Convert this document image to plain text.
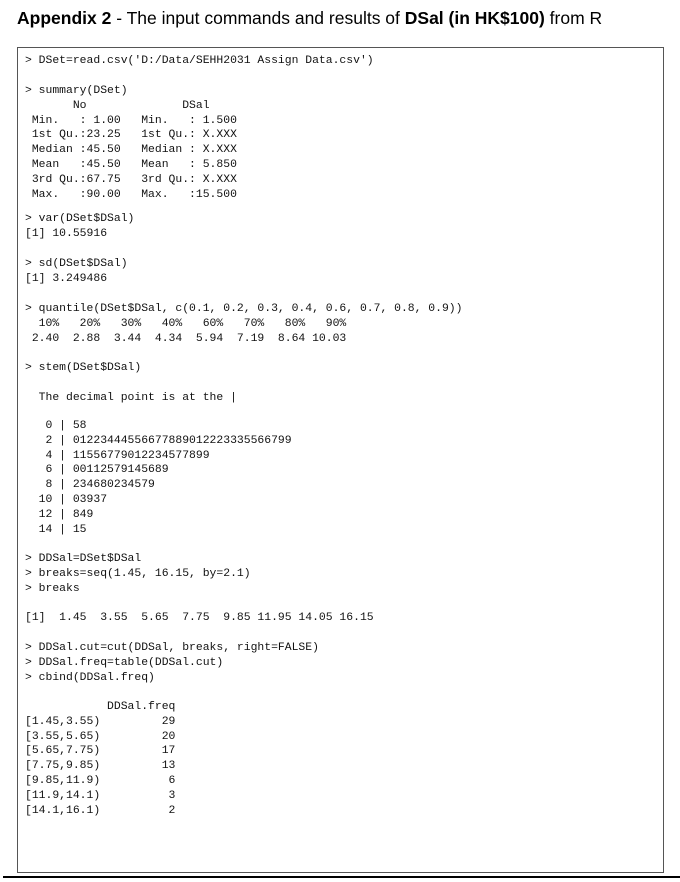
Appendix 2 - The input commands and results of DSal (in HK$100) from R
> DSet=read.csv('D:/Data/SEHH2031 Assign Data.csv')
> summary(DSet)
No              DSal
Min.   : 1.00   Min.   : 1.500
1st Qu.:23.25   1st Qu.: X.XXX
Median :45.50   Median : X.XXX
Mean   :45.50   Mean   : 5.850
3rd Qu.:67.75   3rd Qu.: X.XXX
Max.   :90.00   Max.   :15.500
> var(DSet$DSal)
[1] 10.55916
> sd(DSet$DSal)
[1] 3.249486
> quantile(DSet$DSal, c(0.1, 0.2, 0.3, 0.4, 0.6, 0.7, 0.8, 0.9))
10%   20%   30%   40%   60%   70%   80%   90%
2.40  2.88  3.44  4.34  5.94  7.19  8.64 10.03
> stem(DSet$DSal)
The decimal point is at the |
0 | 58
2 | 01223444556677889012223335566799
4 | 11556779012234577899
6 | 00112579145689
8 | 234680234579
10 | 03937
12 | 849
14 | 15
> DDSal=DSet$DSal
> breaks=seq(1.45, 16.15, by=2.1)
> breaks
[1]  1.45  3.55  5.65  7.75  9.85 11.95 14.05 16.15
> DDSal.cut=cut(DDSal, breaks, right=FALSE)
> DDSal.freq=table(DDSal.cut)
> cbind(DDSal.freq)
DDSal.freq
[1.45,3.55)         29
[3.55,5.65)         20
[5.65,7.75)         17
[7.75,9.85)         13
[9.85,11.9)          6
[11.9,14.1)          3
[14.1,16.1)          2
